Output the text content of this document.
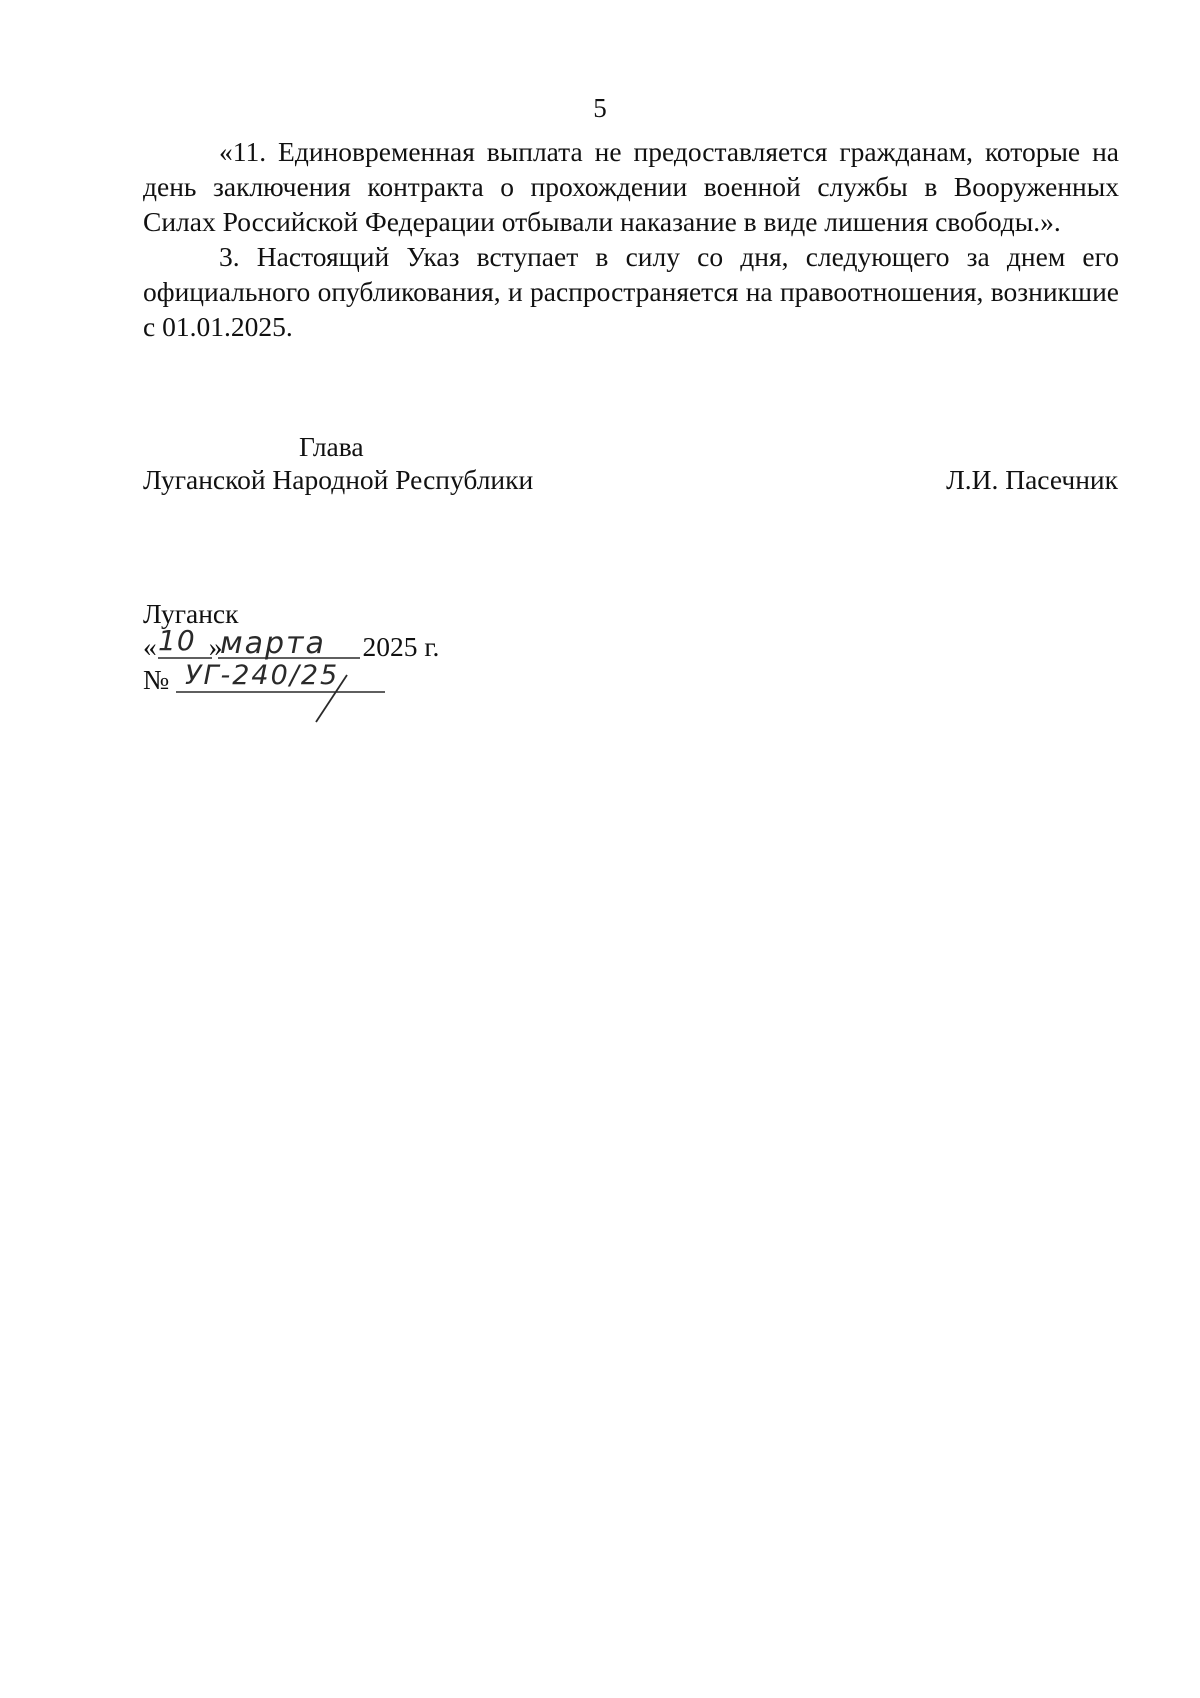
5

«11. Единовременная выплата не предоставляется гражданам, которые на день заключения контракта о прохождении военной службы в Вооруженных Силах Российской Федерации отбывали наказание в виде лишения свободы.».

3. Настоящий Указ вступает в силу со дня, следующего за днем его официального опубликования, и распространяется на правоотношения, возникшие с 01.01.2025.

Глава
Луганской Народной Республики	Л.И. Пасечник
Луганск
« »	2025 г.
№
10 марта
УГ-240/25
